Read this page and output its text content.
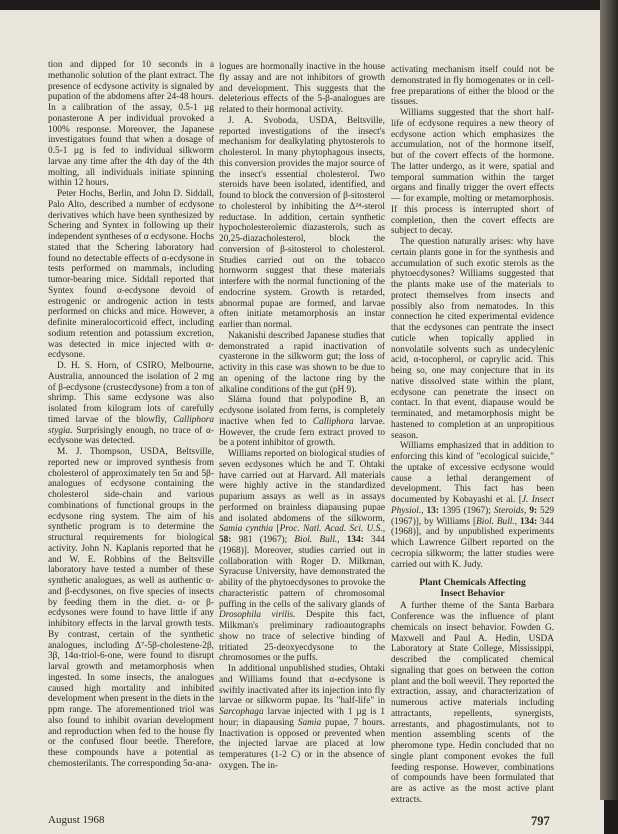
tion and dipped for 10 seconds in a methanolic solution of the plant extract. The presence of ecdysone activity is signaled by pupation of the abdomens after 24-48 hours. In a calibration of the assay, 0.5-1 µg ponasterone A per individual provoked a 100% response. Moreover, the Japanese investigators found that when a dosage of 0.5-1 µg is fed to individual silkworm larvae any time after the 4th day of the 4th molting, all individuals initiate spinning within 12 hours.

Peter Hochs, Berlin, and John D. Siddall, Palo Alto, described a number of ecdysone derivatives which have been synthesized by Schering and Syntex in following up their independent syntheses of α ecdysone. Hochs stated that the Schering laboratory had found no detectable effects of α-ecdysone in tests performed on mammals, including tumor-bearing mice. Siddall reported that Syntex found α-ecdysone devoid of estrogenic or androgenic action in tests performed on chicks and mice. However, a definite mineralocorticoid effect, including sodium retention and potassium excretion, was detected in mice injected with α-ecdysone.

D. H. S. Horn, of CSIRO, Melbourne, Australia, announced the isolation of 2 mg of β-ecdysone (crustecdysone) from a ton of shrimp. This same ecdysone was also isolated from kilogram lots of carefully timed larvae of the blowfly, Calliphora stygia. Surprisingly enough, no trace of α-ecdysone was detected.

M. J. Thompson, USDA, Beltsville, reported new or improved synthesis from cholesterol of approximately ten 5α and 5β-analogues of ecdysone containing the cholesterol side-chain and various combinations of functional groups in the ecdysone ring system. The aim of his synthetic program is to determine the structural requirements for biological activity. John N. Kaplanis reported that he and W. E. Robbins of the Beltsville laboratory have tested a number of these synthetic analogues, as well as authentic α- and β-ecdysones, on five species of insects by feeding them in the diet. α- or β-ecdysones were found to have little if any inhibitory effects in the larval growth tests. By contrast, certain of the synthetic analogues, including Δ⁷-5β-cholestene-2β, 3β, 14α-triol-6-one, were found to disrupt larval growth and metamorphosis when ingested. In some insects, the analogues caused high mortality and inhibited development when present in the diets in the ppm range. The aforementioned triol was also found to inhibit ovarian development and reproduction when fed to the house fly or the confused flour beetle. Therefore, these compounds have a potential as chemosterilants. The corresponding 5α-ana-

logues are hormonally inactive in the house fly assay and are not inhibitors of growth and development. This suggests that the deleterious effects of the 5-β-analogues are related to their hormonal activity.

J. A. Svoboda, USDA, Beltsville, reported investigations of the insect's mechanism for dealkylating phytosterols to cholesterol. In many phytophagous insects, this conversion provides the major source of the insect's essential cholesterol. Two steroids have been isolated, identified, and found to block the conversion of β-sitosterol to cholesterol by inhibiting the Δ²⁴-sterol reductase. In addition, certain synthetic hypocholesterolemic diazasterols, such as 20,25-diazacholesterol, block the conversion of β-sitosterol to cholesterol. Studies carried out on the tobacco hornworm suggest that these materials interfere with the normal functioning of the endocrine system. Growth is retarded, abnormal pupae are formed, and larvae often initiate metamorphosis an instar earlier than normal.

Nakanishi described Japanese studies that demonstrated a rapid inactivation of cyasterone in the silkworm gut; the loss of activity in this case was shown to be due to an opening of the lactone ring by the alkaline conditions of the gut (pH 9).

Sláma found that polypodine B, an ecdysone isolated from ferns, is completely inactive when fed to Calliphora larvae. However, the crude fern extract proved to be a potent inhibitor of growth.

Williams reported on biological studies of seven ecdysones which he and T. Ohtaki have carried out at Harvard. All materials were highly active in the standardized puparium assays as well as in assays performed on brainless diapausing pupae and isolated abdomens of the silkworm, Samia cynthia [Proc. Natl. Acad. Sci. U.S., 58: 981 (1967); Biol. Bull., 134: 344 (1968)]. Moreover, studies carried out in collaboration with Roger D. Milkman, Syracuse University, have demonstrated the ability of the phytoecdysones to provoke the characteristic pattern of chromosomal puffing in the cells of the salivary glands of Drosophila virilis. Despite this fact, Milkman's preliminary radioautographs show no trace of selective binding of tritiated 25-deoxyecdysone to the chromosomes or the puffs.

In additional unpublished studies, Ohtaki and Williams found that α-ecdysone is swiftly inactivated after its injection into fly larvae or silkworm pupae. Its "half-life" in Sarcophaga larvae injected with 1 µg is 1 hour; in diapausing Samia pupae, 7 hours. Inactivation is opposed or prevented when the injected larvae are placed at low temperatures (1-2 C) or in the absence of oxygen. The in-

activating mechanism itself could not be demonstrated in fly homogenates or in cell-free preparations of either the blood or the tissues.

Williams suggested that the short half-life of ecdysone requires a new theory of ecdysone action which emphasizes the accumulation, not of the hormone itself, but of the covert effects of the hormone. The latter undergo, as it were, spatial and temporal summation within the target organs and finally trigger the overt effects — for example, molting or metamorphosis. If this process is interrupted short of completion, then the covert effects are subject to decay.

The question naturally arises: why have certain plants gone in for the synthesis and accumulation of such exotic sterols as the phytoecdysones? Williams suggested that the plants make use of the materials to protect themselves from insects and possibly also from nematodes. In this connection he cited experimental evidence that the ecdysones can pentrate the insect cuticle when topically applied in nonvolatile solvents such as undecylenic acid, α-tocopherol, or caprylic acid. This being so, one may conjecture that in its native dissolved state within the plant, ecdysone can penetrate the insect on contact. In that event, diapause would be terminated, and metamorphosis might be hastened to completion at an unpropitious season.

Williams emphasized that in addition to enforcing this kind of "ecological suicide," the uptake of excessive ecdysone would cause a lethal derangement of development. This fact has been documented by Kobayashi et al. [J. Insect Physiol., 13: 1395 (1967); Steroids, 9: 529 (1967)], by Williams [Biol. Bull., 134: 344 (1968)], and by unpublished experiments which Lawrence Gilbert reported on the cecropia silkworm; the latter studies were carried out with K. Judy.

Plant Chemicals Affecting
Insect Behavior

A further theme of the Santa Barbara Conference was the influence of plant chemicals on insect behavior. Fowden G. Maxwell and Paul A. Hedin, USDA Laboratory at State College, Mississippi, described the complicated chemical signaling that goes on between the cotton plant and the boll weevil. They reported the extraction, assay, and characterization of numerous active materials including attractants, repellents, synergists, arrestants, and phagostimulants, not to mention assembling scents of the pheromone type. Hedin concluded that no single plant component evokes the full feeding response. However, combinations of compounds have been formulated that are as active as the most active plant extracts.

August 1968	797
